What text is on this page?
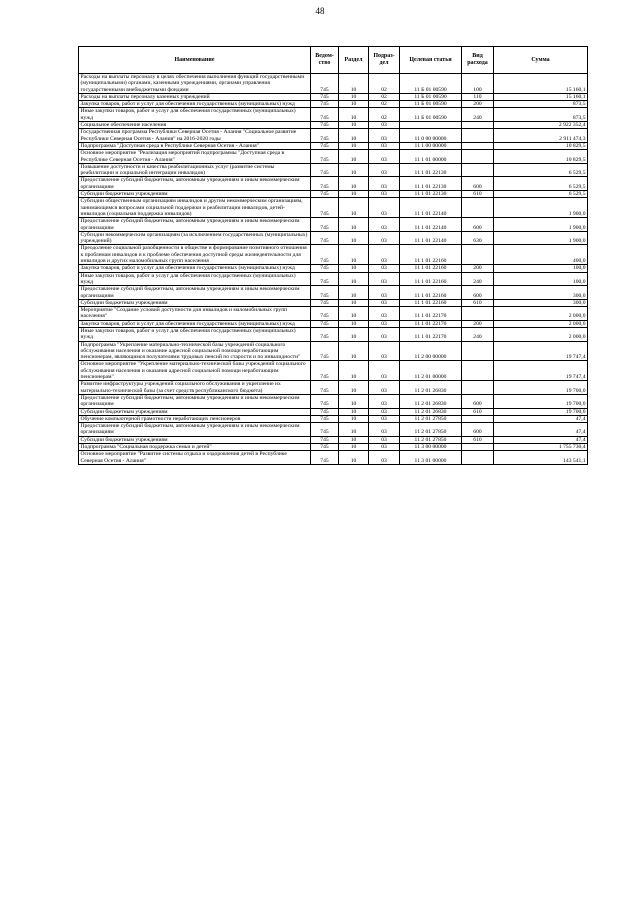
48
Наименование	Ведом-ство	Раздел	Подраз-дел	Целевая статья	Вид расхода	Сумма
Расходы на выплаты персоналу в целях обеспечения выполнения функций государственными (муниципальными) органами, казенными учреждениями, органами управления государственными внебюджетными фондами	745	10	02	11 Б 01 00590	100	15 160,1
Расходы на выплаты персоналу казенных учреждений	745	10	02	11 Б 01 00590	110	15 160,1
Закупка товаров, работ и услуг для обеспечения государственных (муниципальных) нужд	745	10	02	11 Б 01 00590	200	873,5
Иные закупки товаров, работ и услуг для обеспечения государственных (муниципальных) нужд	745	10	02	11 Б 01 00590	240	873,5
Социальное обеспечение населения	745	10	03			2 922 352,4
Государственная программа Республики Северная Осетия - Алания "Социальное развитие Республики Северная Осетия - Алания" на 2016-2020 годы	745	10	03	11 0 00 00000		2 911 474,3
Подпрограмма "Доступная среда в Республике Северная Осетия - Алания"	745	10	03	11 1 00 00000		10 829,5
Основное мероприятие "Реализация мероприятий подпрограммы "Доступная среда в Республике Северная Осетия - Алания"	745	10	03	11 1 01 00000		10 829,5
Повышение доступности и качества реабилитационных услуг (развитие системы реабилитации и социальной интеграции инвалидов)	745	10	03	11 1 01 22130		6 529,5
Предоставление субсидий бюджетным, автономным учреждениям и иным некоммерческим организациям	745	10	03	11 1 01 22130	600	6 529,5
Субсидии бюджетным учреждениям	745	10	03	11 1 01 22130	610	6 529,5
Субсидии общественным организациям инвалидов и другим некоммерческим организациям, занимающимся вопросами социальной поддержки и реабилитации инвалидов, детей-инвалидов (социальная поддержка инвалидов)	745	10	03	11 1 01 22140		1 900,0
Предоставление субсидий бюджетным, автономным учреждениям и иным некоммерческим организациям	745	10	03	11 1 01 22140	600	1 900,0
Субсидии некоммерческим организациям (за исключением государственных (муниципальных) учреждений)	745	10	03	11 1 01 22140	630	1 900,0
Преодоление социальной разобщенности в обществе и формирование позитивного отношения к проблемам инвалидов и к проблеме обеспечения доступной среды жизнедеятельности для инвалидов и других маломобильных групп населения	745	10	03	11 1 01 22160		400,0
Закупка товаров, работ и услуг для обеспечения государственных (муниципальных) нужд	745	10	03	11 1 01 22160	200	100,0
Иные закупки товаров, работ и услуг для обеспечения государственных (муниципальных) нужд	745	10	03	11 1 01 22160	240	100,0
Предоставление субсидий бюджетным, автономным учреждениям и иным некоммерческим организациям	745	10	03	11 1 01 22160	600	300,0
Субсидии бюджетным учреждениям	745	10	03	11 1 01 22160	610	300,0
Мероприятие "Создание условий доступности для инвалидов и маломобильных групп населения"	745	10	03	11 1 01 22170		2 000,0
Закупка товаров, работ и услуг для обеспечения государственных (муниципальных) нужд	745	10	03	11 1 01 22170	200	2 000,0
Иные закупки товаров, работ и услуг для обеспечения государственных (муниципальных) нужд	745	10	03	11 1 01 22170	240	2 000,0
Подпрограмма "Укрепление материально-технической базы учреждений социального обслуживания населения и оказание адресной социальной помощи неработающим пенсионерам, являющимся получателями трудовых пенсий по старости и по инвалидности"	745	10	03	11 2 00 00000		19 747,4
Основное мероприятие "Укрепление материально-технической базы учреждений социального обслуживания населения и оказания адресной социальной помощи неработающим пенсионерам"	745	10	03	11 2 01 00000		19 747,4
Развитие инфраструктуры учреждений социального обслуживания и укрепление их материально-технической базы (за счет средств республиканского бюджета)	745	10	03	11 2 01 26830		19 700,0
Предоставление субсидий бюджетным, автономным учреждениям и иным некоммерческим организациям	745	10	03	11 2 01 26830	600	19 700,0
Субсидии бюджетным учреждениям	745	10	03	11 2 01 26830	610	19 700,0
Обучение компьютерной грамотности неработающих пенсионеров	745	10	03	11 2 01 27850		47,4
Предоставление субсидий бюджетным, автономным учреждениям и иным некоммерческим организациям	745	10	03	11 2 01 27850	600	47,4
Субсидии бюджетным учреждениям	745	10	03	11 2 01 27850	610	47,4
Подпрограмма "Социальная поддержка семьи и детей"	745	10	03	11 3 00 00000		1 755 730,4
Основное мероприятие "Развитие системы отдыха и оздоровления детей в Республике Северная Осетия - Алания"	745	10	03	11 3 01 00000		143 541,1
